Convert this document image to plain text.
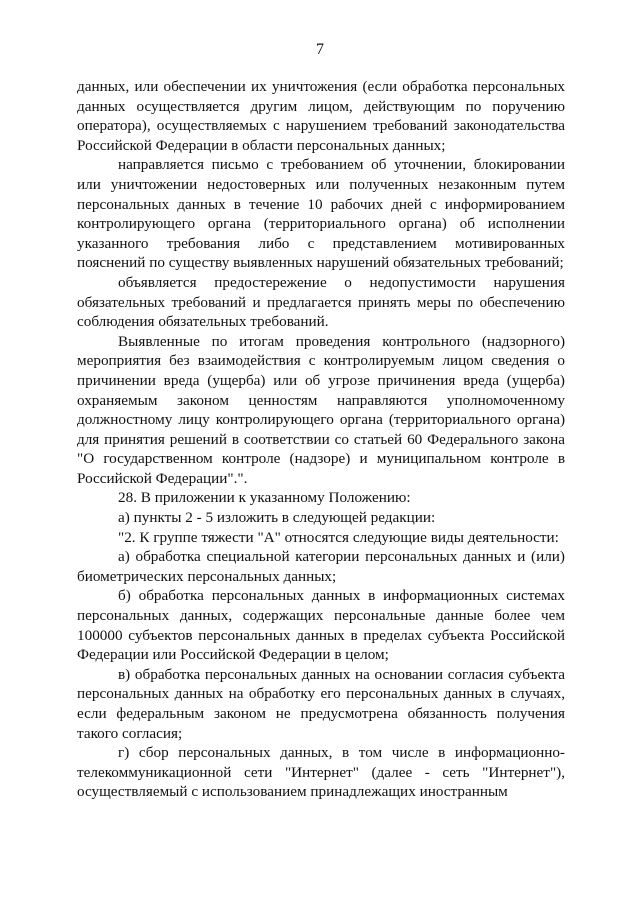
7

данных, или обеспечении их уничтожения (если обработка персональных данных осуществляется другим лицом, действующим по поручению оператора), осуществляемых с нарушением требований законодательства Российской Федерации в области персональных данных;

направляется письмо с требованием об уточнении, блокировании или уничтожении недостоверных или полученных незаконным путем персональных данных в течение 10 рабочих дней с информированием контролирующего органа (территориального органа) об исполнении указанного требования либо с представлением мотивированных пояснений по существу выявленных нарушений обязательных требований;

объявляется предостережение о недопустимости нарушения обязательных требований и предлагается принять меры по обеспечению соблюдения обязательных требований.

Выявленные по итогам проведения контрольного (надзорного) мероприятия без взаимодействия с контролируемым лицом сведения о причинении вреда (ущерба) или об угрозе причинения вреда (ущерба) охраняемым законом ценностям направляются уполномоченному должностному лицу контролирующего органа (территориального органа) для принятия решений в соответствии со статьей 60 Федерального закона "О государственном контроле (надзоре) и муниципальном контроле в Российской Федерации".".

28. В приложении к указанному Положению:

а) пункты 2 - 5 изложить в следующей редакции:

"2. К группе тяжести "А" относятся следующие виды деятельности:

а) обработка специальной категории персональных данных и (или) биометрических персональных данных;

б) обработка персональных данных в информационных системах персональных данных, содержащих персональные данные более чем 100000 субъектов персональных данных в пределах субъекта Российской Федерации или Российской Федерации в целом;

в) обработка персональных данных на основании согласия субъекта персональных данных на обработку его персональных данных в случаях, если федеральным законом не предусмотрена обязанность получения такого согласия;

г) сбор персональных данных, в том числе в информационно-телекоммуникационной сети "Интернет" (далее - сеть "Интернет"), осуществляемый с использованием принадлежащих иностранным
